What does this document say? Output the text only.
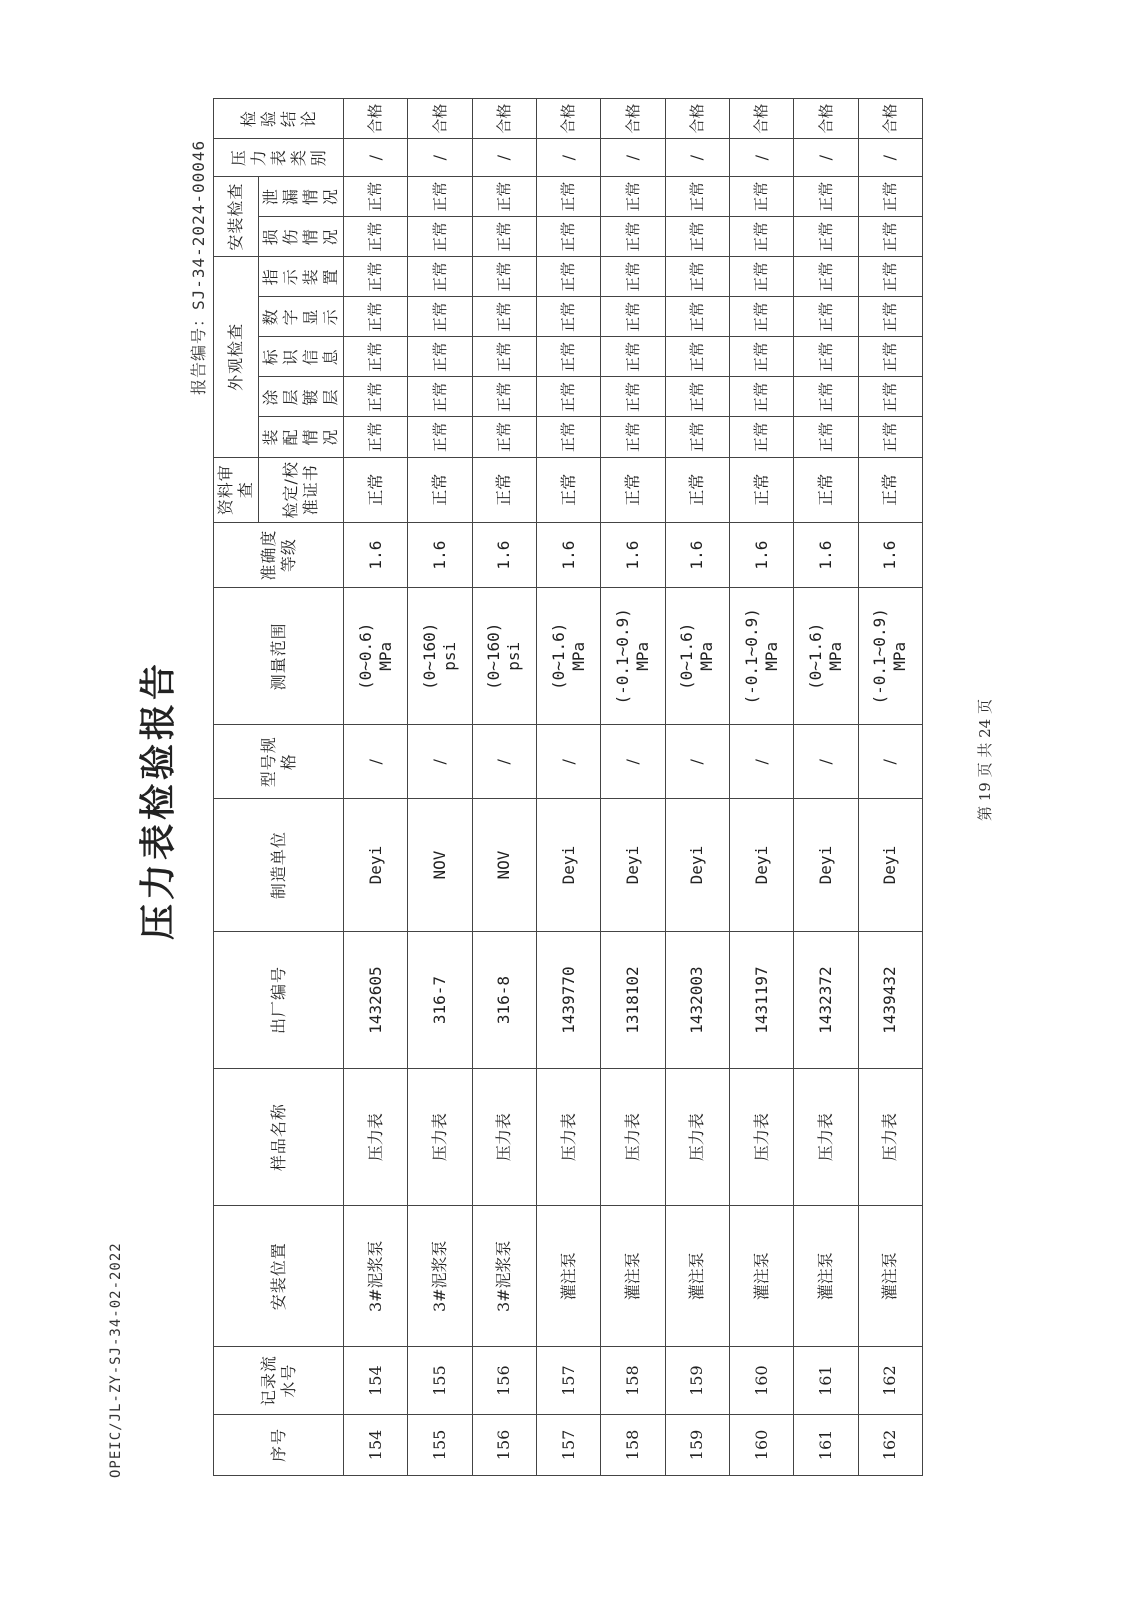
OPEIC/JL-ZY-SJ-34-02-2022
压力表检验报告
报告编号：SJ-34-2024-00046
序号	记录流水号	安装位置	样品名称	出厂编号	制造单位	型号规格	测量范围	准确度等级	资料审查	外观检查					安装检查		压力表类别	检验结论
									检定/校准证书	装配情况	涂层镀层	标识信息	数字显示	指示装置	损伤情况	泄漏情况		
154	154	3#泥浆泵	压力表	1432605	Deyi	/	(0~0.6) MPa	1.6	正常	正常	正常	正常	正常	正常	正常	正常	/	合格
155	155	3#泥浆泵	压力表	316-7	NOV	/	(0~160) psi	1.6	正常	正常	正常	正常	正常	正常	正常	正常	/	合格
156	156	3#泥浆泵	压力表	316-8	NOV	/	(0~160) psi	1.6	正常	正常	正常	正常	正常	正常	正常	正常	/	合格
157	157	灌注泵	压力表	1439770	Deyi	/	(0~1.6) MPa	1.6	正常	正常	正常	正常	正常	正常	正常	正常	/	合格
158	158	灌注泵	压力表	1318102	Deyi	/	(-0.1~0.9) MPa	1.6	正常	正常	正常	正常	正常	正常	正常	正常	/	合格
159	159	灌注泵	压力表	1432003	Deyi	/	(0~1.6) MPa	1.6	正常	正常	正常	正常	正常	正常	正常	正常	/	合格
160	160	灌注泵	压力表	1431197	Deyi	/	(-0.1~0.9) MPa	1.6	正常	正常	正常	正常	正常	正常	正常	正常	/	合格
161	161	灌注泵	压力表	1432372	Deyi	/	(0~1.6) MPa	1.6	正常	正常	正常	正常	正常	正常	正常	正常	/	合格
162	162	灌注泵	压力表	1439432	Deyi	/	(-0.1~0.9) MPa	1.6	正常	正常	正常	正常	正常	正常	正常	正常	/	合格
第 19 页 共 24 页
